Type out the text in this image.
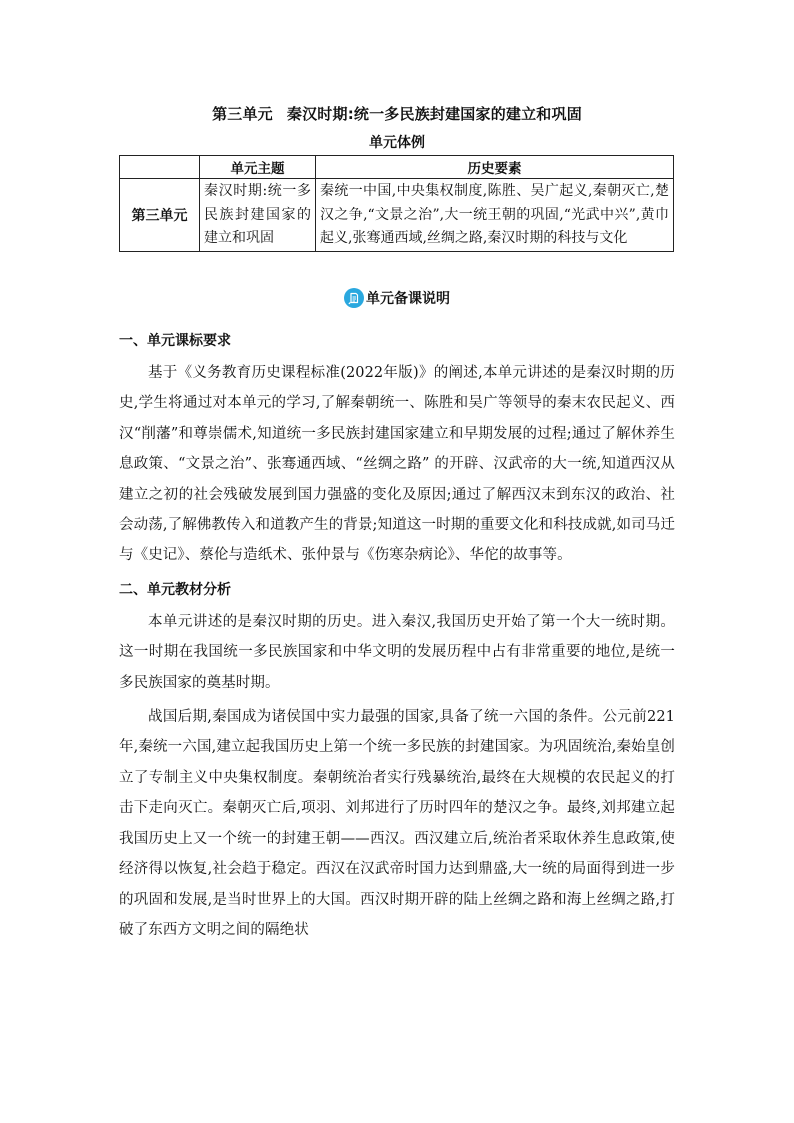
第三单元 秦汉时期:统一多民族封建国家的建立和巩固
单元体例
	单元主题	历史要素
第三单元	秦汉时期:统一多民族封建国家的建立和巩固	秦统一中国,中央集权制度,陈胜、吴广起义,秦朝灭亡,楚汉之争,“文景之治”,大一统王朝的巩固,“光武中兴”,黄巾起义,张骞通西域,丝绸之路,秦汉时期的科技与文化
单元备课说明

一、单元课标要求

基于《义务教育历史课程标准(2022年版)》的阐述,本单元讲述的是秦汉时期的历史,学生将通过对本单元的学习,了解秦朝统一、陈胜和吴广等领导的秦末农民起义、西汉“削藩”和尊崇儒术,知道统一多民族封建国家建立和早期发展的过程;通过了解休养生息政策、“文景之治”、张骞通西域、“丝绸之路” 的开辟、汉武帝的大一统,知道西汉从建立之初的社会残破发展到国力强盛的变化及原因;通过了解西汉末到东汉的政治、社会动荡,了解佛教传入和道教产生的背景;知道这一时期的重要文化和科技成就,如司马迁与《史记》、蔡伦与造纸术、张仲景与《伤寒杂病论》、华佗的故事等。

二、单元教材分析

本单元讲述的是秦汉时期的历史。进入秦汉,我国历史开始了第一个大一统时期。这一时期在我国统一多民族国家和中华文明的发展历程中占有非常重要的地位,是统一多民族国家的奠基时期。

战国后期,秦国成为诸侯国中实力最强的国家,具备了统一六国的条件。公元前221年,秦统一六国,建立起我国历史上第一个统一多民族的封建国家。为巩固统治,秦始皇创立了专制主义中央集权制度。秦朝统治者实行残暴统治,最终在大规模的农民起义的打击下走向灭亡。秦朝灭亡后,项羽、刘邦进行了历时四年的楚汉之争。最终,刘邦建立起我国历史上又一个统一的封建王朝——西汉。西汉建立后,统治者采取休养生息政策,使经济得以恢复,社会趋于稳定。西汉在汉武帝时国力达到鼎盛,大一统的局面得到进一步的巩固和发展,是当时世界上的大国。西汉时期开辟的陆上丝绸之路和海上丝绸之路,打破了东西方文明之间的隔绝状
